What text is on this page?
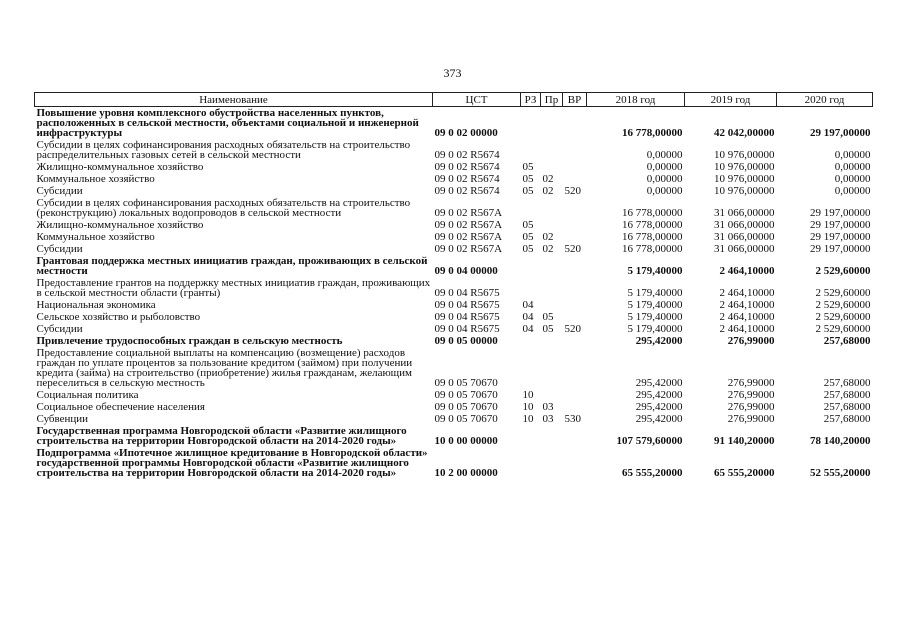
373
Наименование	ЦСТ	РЗ	Пр	ВР	2018 год	2019 год	2020 год
Повышение уровня комплексного обустройства населенных пунктов, расположенных в сельской местности, объектами социальной и инженерной инфраструктуры	09 0 02 00000				16 778,00000	42 042,00000	29 197,00000
Субсидии в целях софинансирования расходных обязательств на строительство распределительных газовых сетей в сельской местности	09 0 02 R5674				0,00000	10 976,00000	0,00000
Жилищно-коммунальное хозяйство	09 0 02 R5674	05			0,00000	10 976,00000	0,00000
Коммунальное хозяйство	09 0 02 R5674	05	02		0,00000	10 976,00000	0,00000
Субсидии	09 0 02 R5674	05	02	520	0,00000	10 976,00000	0,00000
Субсидии в целях софинансирования расходных обязательств на строительство (реконструкцию) локальных водопроводов в сельской местности	09 0 02 R567A				16 778,00000	31 066,00000	29 197,00000
Жилищно-коммунальное хозяйство	09 0 02 R567A	05			16 778,00000	31 066,00000	29 197,00000
Коммунальное хозяйство	09 0 02 R567A	05	02		16 778,00000	31 066,00000	29 197,00000
Субсидии	09 0 02 R567A	05	02	520	16 778,00000	31 066,00000	29 197,00000
Грантовая поддержка местных инициатив граждан, проживающих в сельской местности	09 0 04 00000				5 179,40000	2 464,10000	2 529,60000
Предоставление грантов на поддержку местных инициатив граждан, проживающих в сельской местности области (гранты)	09 0 04 R5675				5 179,40000	2 464,10000	2 529,60000
Национальная экономика	09 0 04 R5675	04			5 179,40000	2 464,10000	2 529,60000
Сельское хозяйство и рыболовство	09 0 04 R5675	04	05		5 179,40000	2 464,10000	2 529,60000
Субсидии	09 0 04 R5675	04	05	520	5 179,40000	2 464,10000	2 529,60000
Привлечение трудоспособных граждан в сельскую местность	09 0 05 00000				295,42000	276,99000	257,68000
Предоставление социальной выплаты на компенсацию (возмещение) расходов граждан по уплате процентов за пользование кредитом (займом) при получении кредита (займа) на строительство (приобретение) жилья гражданам, желающим переселиться в сельскую местность	09 0 05 70670				295,42000	276,99000	257,68000
Социальная политика	09 0 05 70670	10			295,42000	276,99000	257,68000
Социальное обеспечение населения	09 0 05 70670	10	03		295,42000	276,99000	257,68000
Субвенции	09 0 05 70670	10	03	530	295,42000	276,99000	257,68000
Государственная программа Новгородской области «Развитие жилищного строительства на территории Новгородской области на 2014-2020 годы»	10 0 00 00000				107 579,60000	91 140,20000	78 140,20000
Подпрограмма «Ипотечное жилищное кредитование в Новгородской области» государственной программы Новгородской области «Развитие жилищного строительства на территории Новгородской области на 2014-2020 годы»	10 2 00 00000				65 555,20000	65 555,20000	52 555,20000
